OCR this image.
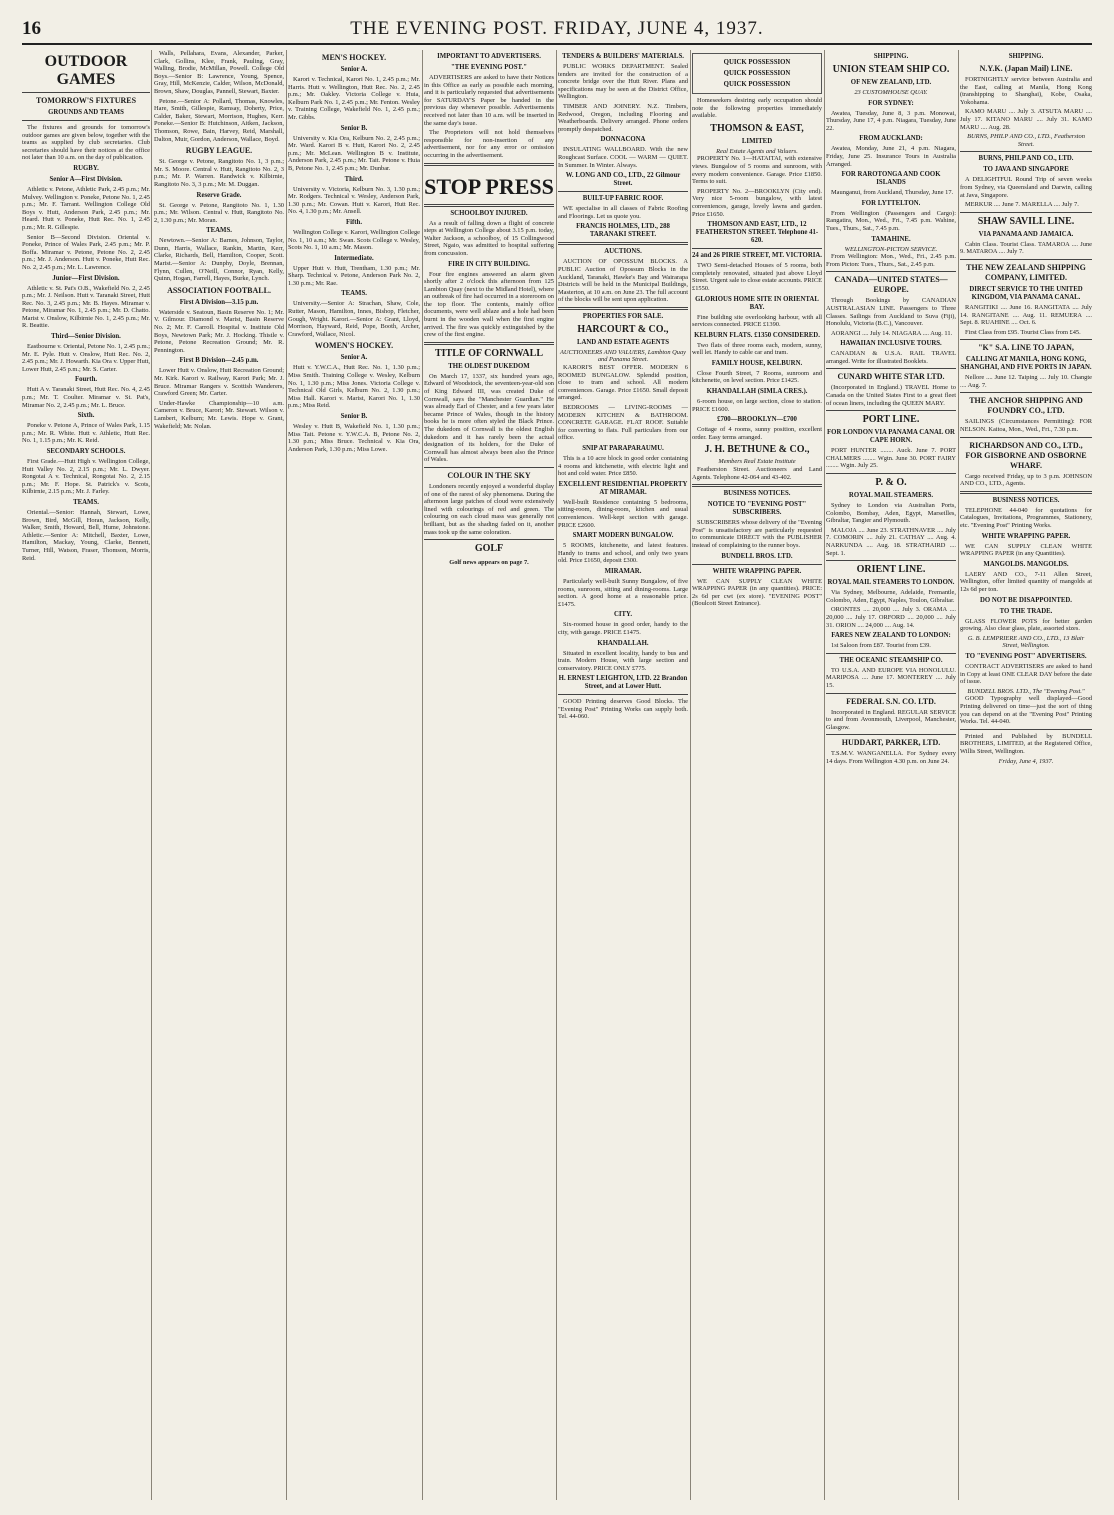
16	THE EVENING POST. FRIDAY, JUNE 4, 1937.
OUTDOOR GAMES
TOMORROW'S FIXTURES
GROUNDS AND TEAMS

The fixtures and grounds for tomorrow's outdoor games are given below, together with the teams as supplied by club secretaries. Club secretaries should have their notices at the office not later than 10 a.m. on the day of publication.

RUGBY.
Senior A—First Division.

Athletic v. Petone, Athletic Park, 2.45 p.m.; Mr. Mulvey. Wellington v. Poneke, Petone No. 1, 2.45 p.m.; Mr. F. Tarrant. Wellington College Old Boys v. Hutt, Anderson Park, 2.45 p.m.; Mr. Heard. Hutt v. Poneke, Hutt Rec. No. 1, 2.45 p.m.; Mr. R. Gillespie.

Senior B—Second Division. Oriental v. Poneke, Prince of Wales Park, 2.45 p.m.; Mr. P. Boffa. Miramar v. Petone, Petone No. 2, 2.45 p.m.; Mr. J. Anderson. Hutt v. Poneke, Hutt Rec. No. 2, 2.45 p.m.; Mr. L. Lawrence.

Junior—First Division.

Athletic v. St. Pat's O.B., Wakefield No. 2, 2.45 p.m.; Mr. J. Neilson. Hutt v. Taranaki Street, Hutt Rec. No. 3, 2.45 p.m.; Mr. B. Hayes. Miramar v. Petone, Miramar No. 1, 2.45 p.m.; Mr. D. Chatto. Marist v. Onslow, Kilbirnie No. 1, 2.45 p.m.; Mr. R. Beattie.

Third—Senior Division.

Eastbourne v. Oriental, Petone No. 1, 2.45 p.m.; Mr. E. Pyle. Hutt v. Onslow, Hutt Rec. No. 2, 2.45 p.m.; Mr. J. Howarth. Kia Ora v. Upper Hutt, Lower Hutt, 2.45 p.m.; Mr. S. Carter.

Fourth.

Hutt A v. Taranaki Street, Hutt Rec. No. 4, 2.45 p.m.; Mr. T. Coulter. Miramar v. St. Pat's, Miramar No. 2, 2.45 p.m.; Mr. L. Bruce.

Sixth.

Poneke v. Petone A, Prince of Wales Park, 1.15 p.m.; Mr. R. White. Hutt v. Athletic, Hutt Rec. No. 1, 1.15 p.m.; Mr. K. Reid.

SECONDARY SCHOOLS.

First Grade.—Hutt High v. Wellington College, Hutt Valley No. 2, 2.15 p.m.; Mr. L. Dwyer. Rongotai A v. Technical, Rongotai No. 2, 2.15 p.m.; Mr. F. Hope. St. Patrick's v. Scots, Kilbirnie, 2.15 p.m.; Mr. J. Farley.

TEAMS.

Oriental.—Senior: Hannah, Stewart, Lowe, Brown, Bird, McGill, Horan, Jackson, Kelly, Walker, Smith, Howard, Bell, Hume, Johnstone. Athletic.—Senior A: Mitchell, Baxter, Lowe, Hamilton, Mackay, Young, Clarke, Bennett, Turner, Hill, Watson, Fraser, Thomson, Morris, Reid.

Walls, Pellahara, Evans, Alexander, Parker, Clark, Gollins, Klee, Frank, Pauling, Gray, Walling, Brodie, McMillan, Powell. College Old Boys.—Senior B: Lawrence, Young, Spence, Gray, Hill, McKenzie, Calder, Wilson, McDonald, Brown, Shaw, Douglas, Pannell, Stewart, Baxter.

Petone.—Senior A: Pollard, Thomas, Knowles, Hare, Smith, Gillespie, Ramsay, Doherty, Price, Calder, Baker, Stewart, Morrison, Hughes, Kerr. Poneke.—Senior B: Hutchinson, Aitken, Jackson, Thomson, Rowe, Bain, Harvey, Reid, Marshall, Dalton, Muir, Gordon, Anderson, Wallace, Boyd.

RUGBY LEAGUE.

St. George v. Petone, Rangitoto No. 1, 3 p.m.; Mr. S. Moore. Central v. Hutt, Rangitoto No. 2, 3 p.m.; Mr. P. Warren. Randwick v. Kilbirnie, Rangitoto No. 3, 3 p.m.; Mr. M. Duggan.

Reserve Grade.

St. George v. Petone, Rangitoto No. 1, 1.30 p.m.; Mr. Wilson. Central v. Hutt, Rangitoto No. 2, 1.30 p.m.; Mr. Moran.

TEAMS.

Newtown.—Senior A: Barnes, Johnson, Taylor, Dunn, Harris, Wallace, Rankin, Martin, Kerr, Clarke, Richards, Bell, Hamilton, Cooper, Scott. Marist.—Senior A: Dunphy, Doyle, Brennan, Flynn, Cullen, O'Neill, Connor, Ryan, Kelly, Quinn, Hogan, Farrell, Hayes, Burke, Lynch.

ASSOCIATION FOOTBALL.
First A Division—3.15 p.m.

Waterside v. Seatoun, Basin Reserve No. 1; Mr. V. Gilmour. Diamond v. Marist, Basin Reserve No. 2; Mr. F. Carroll. Hospital v. Institute Old Boys, Newtown Park; Mr. J. Hocking. Thistle v. Petone, Petone Recreation Ground; Mr. R. Pennington.

First B Division—2.45 p.m.

Lower Hutt v. Onslow, Hutt Recreation Ground; Mr. Kirk. Karori v. Railway, Karori Park; Mr. J. Bruce. Miramar Rangers v. Scottish Wanderers, Crawford Green; Mr. Carter.

Under-Hawke Championship—10 a.m. Cameron v. Bruce, Karori; Mr. Stewart. Wilson v. Lambert, Kelburn; Mr. Lewis. Hope v. Grant, Wakefield; Mr. Nolan.

MEN'S HOCKEY.
Senior A.

Karori v. Technical, Karori No. 1, 2.45 p.m.; Mr. Harris. Hutt v. Wellington, Hutt Rec. No. 2, 2.45 p.m.; Mr. Oakley. Victoria College v. Huia, Kelburn Park No. 1, 2.45 p.m.; Mr. Fenton. Wesley v. Training College, Wakefield No. 1, 2.45 p.m.; Mr. Gibbs.

Senior B.

University v. Kia Ora, Kelburn No. 2, 2.45 p.m.; Mr. Ward. Karori B v. Hutt, Karori No. 2, 2.45 p.m.; Mr. McLean. Wellington B v. Institute, Anderson Park, 2.45 p.m.; Mr. Tait. Petone v. Huia B, Petone No. 1, 2.45 p.m.; Mr. Dunbar.

Third.

University v. Victoria, Kelburn No. 3, 1.30 p.m.; Mr. Rodgers. Technical v. Wesley, Anderson Park, 1.30 p.m.; Mr. Cowan. Hutt v. Karori, Hutt Rec. No. 4, 1.30 p.m.; Mr. Ansell.

Fifth.

Wellington College v. Karori, Wellington College No. 1, 10 a.m.; Mr. Swan. Scots College v. Wesley, Scots No. 1, 10 a.m.; Mr. Mason.

Intermediate.

Upper Hutt v. Hutt, Trentham, 1.30 p.m.; Mr. Sharp. Technical v. Petone, Anderson Park No. 2, 1.30 p.m.; Mr. Rae.

TEAMS.

University.—Senior A: Strachan, Shaw, Cole, Rutter, Mason, Hamilton, Innes, Bishop, Fletcher, Gough, Wright. Karori.—Senior A: Grant, Lloyd, Morrison, Hayward, Reid, Pope, Booth, Archer, Crawford, Wallace, Nicol.

WOMEN'S HOCKEY.
Senior A.

Hutt v. Y.W.C.A., Hutt Rec. No. 1, 1.30 p.m.; Miss Smith. Training College v. Wesley, Kelburn No. 1, 1.30 p.m.; Miss Jones. Victoria College v. Technical Old Girls, Kelburn No. 2, 1.30 p.m.; Miss Hall. Karori v. Marist, Karori No. 1, 1.30 p.m.; Miss Reid.

Senior B.

Wesley v. Hutt B, Wakefield No. 1, 1.30 p.m.; Miss Tait. Petone v. Y.W.C.A. B, Petone No. 2, 1.30 p.m.; Miss Bruce. Technical v. Kia Ora, Anderson Park, 1.30 p.m.; Miss Lowe.

IMPORTANT TO ADVERTISERS.
"THE EVENING POST."

ADVERTISERS are asked to have their Notices in this Office as early as possible each morning, and it is particularly requested that advertisements for SATURDAY'S Paper be handed in the previous day whenever possible. Advertisements received not later than 10 a.m. will be inserted in the same day's issue.

The Proprietors will not hold themselves responsible for non-insertion of any advertisement, nor for any error or omission occurring in the advertisement.

STOP PRESS
SCHOOLBOY INJURED.

As a result of falling down a flight of concrete steps at Wellington College about 3.15 p.m. today, Walter Jackson, a schoolboy, of 15 Collingwood Street, Ngaio, was admitted to hospital suffering from concussion.

FIRE IN CITY BUILDING.

Four fire engines answered an alarm given shortly after 2 o'clock this afternoon from 125 Lambton Quay (next to the Midland Hotel), where an outbreak of fire had occurred in a storeroom on the top floor. The contents, mainly office documents, were well ablaze and a hole had been burnt in the wooden wall when the first engine arrived. The fire was quickly extinguished by the crew of the first engine.

TITLE OF CORNWALL
THE OLDEST DUKEDOM

On March 17, 1337, six hundred years ago, Edward of Woodstock, the seventeen-year-old son of King Edward III, was created Duke of Cornwall, says the "Manchester Guardian." He was already Earl of Chester, and a few years later became Prince of Wales, though in the history books he is more often styled the Black Prince. The dukedom of Cornwall is the oldest English dukedom and it has rarely been the actual designation of its holders, for the Duke of Cornwall has almost always been also the Prince of Wales.

COLOUR IN THE SKY

Londoners recently enjoyed a wonderful display of one of the rarest of sky phenomena. During the afternoon large patches of cloud were extensively lined with colourings of red and green. The colouring on each cloud mass was generally not brilliant, but as the shading faded on it, another mass took up the same coloration.

GOLF
Golf news appears on page 7.
TENDERS & BUILDERS' MATERIALS.

PUBLIC WORKS DEPARTMENT. Sealed tenders are invited for the construction of a concrete bridge over the Hutt River. Plans and specifications may be seen at the District Office, Wellington.

TIMBER AND JOINERY. N.Z. Timbers, Redwood, Oregon, including Flooring and Weatherboards. Delivery arranged. Phone orders promptly despatched.

DONNACONA

INSULATING WALLBOARD. With the new Roughcast Surface. COOL — WARM — QUIET. In Summer. In Winter. Always.

W. LONG AND CO., LTD., 22 Gilmour Street.
BUILT-UP FABRIC ROOF.

WE specialise in all classes of Fabric Roofing and Floorings. Let us quote you.

FRANCIS HOLMES, LTD., 288 TARANAKI STREET.
AUCTIONS.

AUCTION OF OPOSSUM BLOCKS. A PUBLIC Auction of Opossum Blocks in the Auckland, Taranaki, Hawke's Bay and Wairarapa Districts will be held in the Municipal Buildings, Masterton, at 10 a.m. on June 23. The full account of the blocks will be sent upon application.

PROPERTIES FOR SALE.
HARCOURT & CO.,
LAND AND ESTATE AGENTS
AUCTIONEERS AND VALUERS, Lambton Quay and Panama Street.

KARORI'S BEST OFFER. MODERN 6 ROOMED BUNGALOW. Splendid position, close to tram and school. All modern conveniences. Garage. Price £1650. Small deposit arranged.

BEDROOMS — LIVING-ROOMS — MODERN KITCHEN & BATHROOM. CONCRETE GARAGE. FLAT ROOF. Suitable for converting to flats. Full particulars from our office.

SNIP AT PARAPARAUMU.

This is a 10 acre block in good order containing 4 rooms and kitchenette, with electric light and hot and cold water. Price £850.

EXCELLENT RESIDENTIAL PROPERTY AT MIRAMAR.

Well-built Residence containing 5 bedrooms, sitting-room, dining-room, kitchen and usual conveniences. Well-kept section with garage. PRICE £2600.

SMART MODERN BUNGALOW.

5 ROOMS, kitchenette, and latest features. Handy to trams and school, and only two years old. Price £1650, deposit £300.

MIRAMAR.

Particularly well-built Sunny Bungalow, of five rooms, sunroom, sitting and dining-rooms. Large section. A good home at a reasonable price. £1475.

CITY.

Six-roomed house in good order, handy to the city, with garage. PRICE £1475.

KHANDALLAH.

Situated in excellent locality, handy to bus and train. Modern House, with large section and conservatory. PRICE ONLY £775.

H. ERNEST LEIGHTON, LTD. 22 Brandon Street, and at Lower Hutt.

GOOD Printing deserves Good Blocks. The "Evening Post" Printing Works can supply both. Tel. 44-060.

QUICK POSSESSION
QUICK POSSESSION
QUICK POSSESSION

Homeseekers desiring early occupation should note the following properties immediately available.

THOMSON & EAST,
LIMITED
Real Estate Agents and Valuers.

PROPERTY No. 1—HATAITAI, with extensive views. Bungalow of 5 rooms and sunroom, with every modern convenience. Garage. Price £1850. Terms to suit.

PROPERTY No. 2—BROOKLYN (City end). Very nice 5-room bungalow, with latest conveniences, garage, lovely lawns and garden. Price £1650.

THOMSON AND EAST, LTD., 12 FEATHERSTON STREET. Telephone 41-620.
24 and 26 PIRIE STREET, MT. VICTORIA.

TWO Semi-detached Houses of 5 rooms, both completely renovated, situated just above Lloyd Street. Urgent sale to close estate accounts. PRICE £1550.

GLORIOUS HOME SITE IN ORIENTAL BAY.

Fine building site overlooking harbour, with all services connected. PRICE £1390.

KELBURN FLATS. £1350 CONSIDERED.

Two flats of three rooms each, modern, sunny, well let. Handy to cable car and tram.

FAMILY HOUSE, KELBURN.

Close Fourth Street, 7 Rooms, sunroom and kitchenette, on level section. Price £1425.

KHANDALLAH (SIMLA CRES.).

6-room house, on large section, close to station. PRICE £1600.

£700—BROOKLYN—£700

Cottage of 4 rooms, sunny position, excellent order. Easy terms arranged.

J. H. BETHUNE & CO.,
Members Real Estate Institute

Featherston Street. Auctioneers and Land Agents. Telephone 42-064 and 43-402.

BUSINESS NOTICES.
NOTICE TO "EVENING POST" SUBSCRIBERS.

SUBSCRIBERS whose delivery of the "Evening Post" is unsatisfactory are particularly requested to communicate DIRECT with the PUBLISHER instead of complaining to the runner boys.

BUNDELL BROS. LTD.
WHITE WRAPPING PAPER.

WE CAN SUPPLY CLEAN WHITE WRAPPING PAPER (in any quantities). PRICE: 2s 6d per cwt (ex store). "EVENING POST" (Boulcott Street Entrance).

SHIPPING.
UNION STEAM SHIP CO.
OF NEW ZEALAND, LTD.
23 CUSTOMHOUSE QUAY.
FOR SYDNEY:

Awatea, Tuesday, June 8, 3 p.m. Monowai, Thursday, June 17, 4 p.m. Niagara, Tuesday, June 22.

FROM AUCKLAND:

Awatea, Monday, June 21, 4 p.m. Niagara, Friday, June 25. Insurance Tours in Australia Arranged.

FOR RAROTONGA AND COOK ISLANDS

Maunganui, from Auckland, Thursday, June 17.

FOR LYTTELTON.

From Wellington (Passengers and Cargo): Rangatira, Mon., Wed., Fri., 7.45 p.m. Wahine, Tues., Thurs., Sat., 7.45 p.m.

TAMAHINE.
WELLINGTON-PICTON SERVICE.

From Wellington: Mon., Wed., Fri., 2.45 p.m. From Picton: Tues., Thurs., Sat., 2.45 p.m.

CANADA—UNITED STATES—EUROPE.

Through Bookings by CANADIAN AUSTRALASIAN LINE. Passengers to Three Classes. Sailings from Auckland to Suva (Fiji), Honolulu, Victoria (B.C.), Vancouver.

AORANGI .... July 14. NIAGARA .... Aug. 11.

HAWAIIAN INCLUSIVE TOURS.

CANADIAN & U.S.A. RAIL TRAVEL arranged. Write for illustrated Booklets.

CUNARD WHITE STAR LTD.

(Incorporated in England.) TRAVEL Home to Canada on the United States First to a great fleet of ocean liners, including the QUEEN MARY.

PORT LINE.
FOR LONDON VIA PANAMA CANAL OR CAPE HORN.

PORT HUNTER ........ Auck. June 7. PORT CHALMERS ........ Wgtn. June 30. PORT FAIRY ........ Wgtn. July 25.

P. & O.
ROYAL MAIL STEAMERS.

Sydney to London via Australian Ports, Colombo, Bombay, Aden, Egypt, Marseilles, Gibraltar, Tangier and Plymouth.

MALOJA .... June 23. STRATHNAVER .... July 7. COMORIN .... July 21. CATHAY .... Aug. 4. NARKUNDA .... Aug. 18. STRATHAIRD .... Sept. 1.

ORIENT LINE.
ROYAL MAIL STEAMERS TO LONDON.

Via Sydney, Melbourne, Adelaide, Fremantle, Colombo, Aden, Egypt, Naples, Toulon, Gibraltar.

ORONTES .... 20,000 .... July 3. ORAMA .... 20,000 .... July 17. ORFORD .... 20,000 .... July 31. ORION .... 24,000 .... Aug. 14.

FARES NEW ZEALAND TO LONDON:

1st Saloon from £87. Tourist from £39.

THE OCEANIC STEAMSHIP CO.

TO U.S.A. AND EUROPE VIA HONOLULU. MARIPOSA .... June 17. MONTEREY .... July 15.

FEDERAL S.N. CO. LTD.

Incorporated in England. REGULAR SERVICE to and from Avonmouth, Liverpool, Manchester, Glasgow.

HUDDART, PARKER, LTD.

T.S.M.V. WANGANELLA. For Sydney every 14 days. From Wellington 4.30 p.m. on June 24.

SHIPPING.
N.Y.K. (Japan Mail) LINE.

FORTNIGHTLY service between Australia and the East, calling at Manila, Hong Kong (transhipping to Shanghai), Kobe, Osaka, Yokohama.

KAMO MARU .... July 3. ATSUTA MARU .... July 17. KITANO MARU .... July 31. KAMO MARU .... Aug. 28.

BURNS, PHILP AND CO., LTD., Featherston Street.
BURNS, PHILP AND CO., LTD.
TO JAVA AND SINGAPORE

A DELIGHTFUL Round Trip of seven weeks from Sydney, via Queensland and Darwin, calling at Java, Singapore.

MERKUR .... June 7. MARELLA .... July 7.

SHAW SAVILL LINE.
VIA PANAMA AND JAMAICA.

Cabin Class. Tourist Class. TAMAROA .... June 9. MATAROA .... July 7.

THE NEW ZEALAND SHIPPING COMPANY, LIMITED.
DIRECT SERVICE TO THE UNITED KINGDOM, VIA PANAMA CANAL.

RANGITIKI .... June 16. RANGITATA .... July 14. RANGITANE .... Aug. 11. REMUERA .... Sept. 8. RUAHINE .... Oct. 6.

First Class from £95. Tourist Class from £45.

"K" S.A. LINE TO JAPAN,
CALLING AT MANILA, HONG KONG, SHANGHAI, AND FIVE PORTS IN JAPAN.

Nellore .... June 12. Taiping .... July 10. Changte .... Aug. 7.

THE ANCHOR SHIPPING AND FOUNDRY CO., LTD.

SAILINGS (Circumstances Permitting): FOR NELSON. Kaitoa, Mon., Wed., Fri., 7.30 p.m.

RICHARDSON AND CO., LTD., FOR GISBORNE AND OSBORNE WHARF.

Cargo received Friday, up to 3 p.m. JOHNSON AND CO., LTD., Agents.

BUSINESS NOTICES.

TELEPHONE 44-040 for quotations for Catalogues, Invitations, Programmes, Stationery, etc. "Evening Post" Printing Works.

WHITE WRAPPING PAPER.

WE CAN SUPPLY CLEAN WHITE WRAPPING PAPER (in any Quantities).

MANGOLDS. MANGOLDS.

LAERY AND CO., 7-11 Allen Street, Wellington, offer limited quantity of mangolds at 12s 6d per ton.

DO NOT BE DISAPPOINTED.
TO THE TRADE.

GLASS FLOWER POTS for better garden growing. Also clear glass, plate, assorted sizes.

G. B. LEMPRIERE AND CO., LTD., 13 Blair Street, Wellington.
TO "EVENING POST" ADVERTISERS.

CONTRACT ADVERTISERS are asked to hand in Copy at least ONE CLEAR DAY before the date of issue.

BUNDELL BROS. LTD., The "Evening Post."

GOOD Typography well displayed—Good Printing delivered on time—just the sort of thing you can depend on at the "Evening Post" Printing Works. Tel. 44-040.

Printed and Published by BUNDELL BROTHERS, LIMITED, at the Registered Office, Willis Street, Wellington.

Friday, June 4, 1937.
